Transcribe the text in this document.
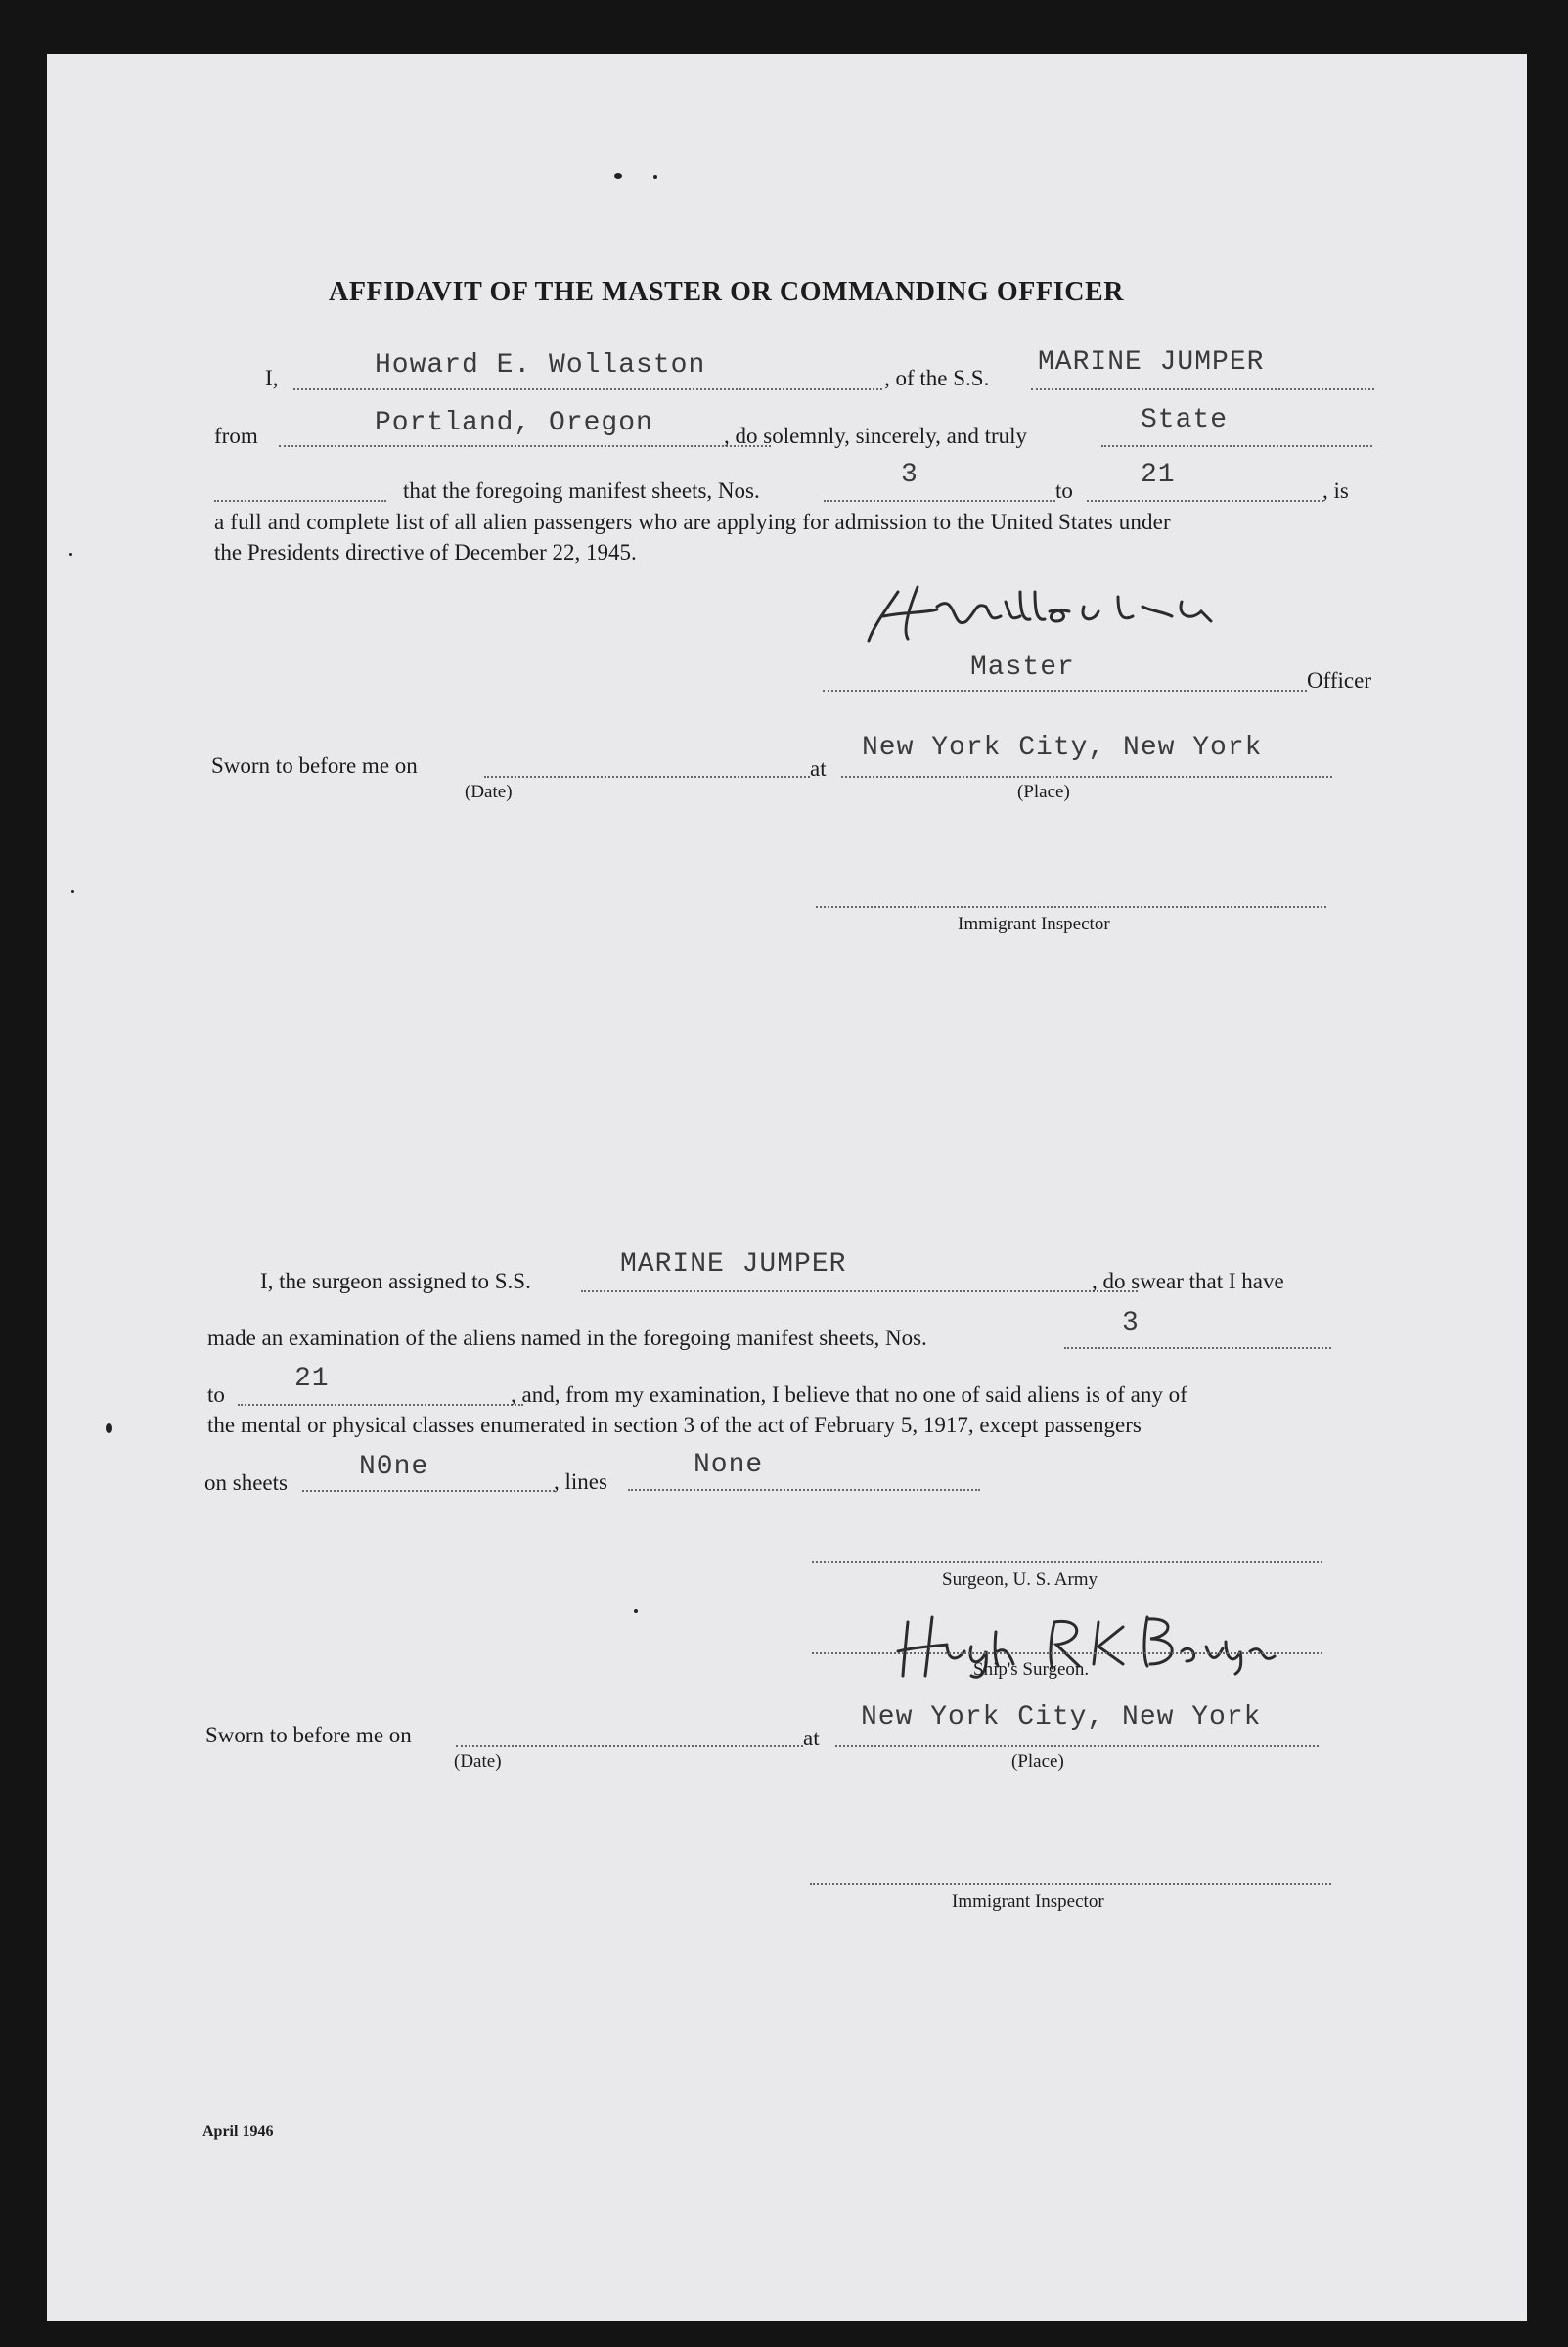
AFFIDAVIT OF THE MASTER OR COMMANDING OFFICER
I,	Howard E. Wollaston	, of the S.S.
MARINE JUMPER
from	Portland, Oregon	, do solemnly, sincerely, and truly
State
that the foregoing manifest sheets, Nos.
3
to
21
, is
a full and complete list of all alien passengers who are applying for admission to the United States under
the Presidents directive of December 22, 1945.
Master	Officer
Sworn to before me on
(Date)
at
New York City, New York
(Place)
Immigrant Inspector
I, the surgeon assigned to S.S.
MARINE JUMPER
, do swear that I have
made an examination of the aliens named in the foregoing manifest sheets, Nos.	3
to
21
, and, from my examination, I believe that no one of said aliens is of any of
the mental or physical classes enumerated in section 3 of the act of February 5, 1917, except passengers
on sheets
N0ne	, lines
None
Surgeon, U. S. Army
Ship's Surgeon.
Sworn to before me on
(Date)
at
New York City, New York
(Place)
Immigrant Inspector
April 1946
